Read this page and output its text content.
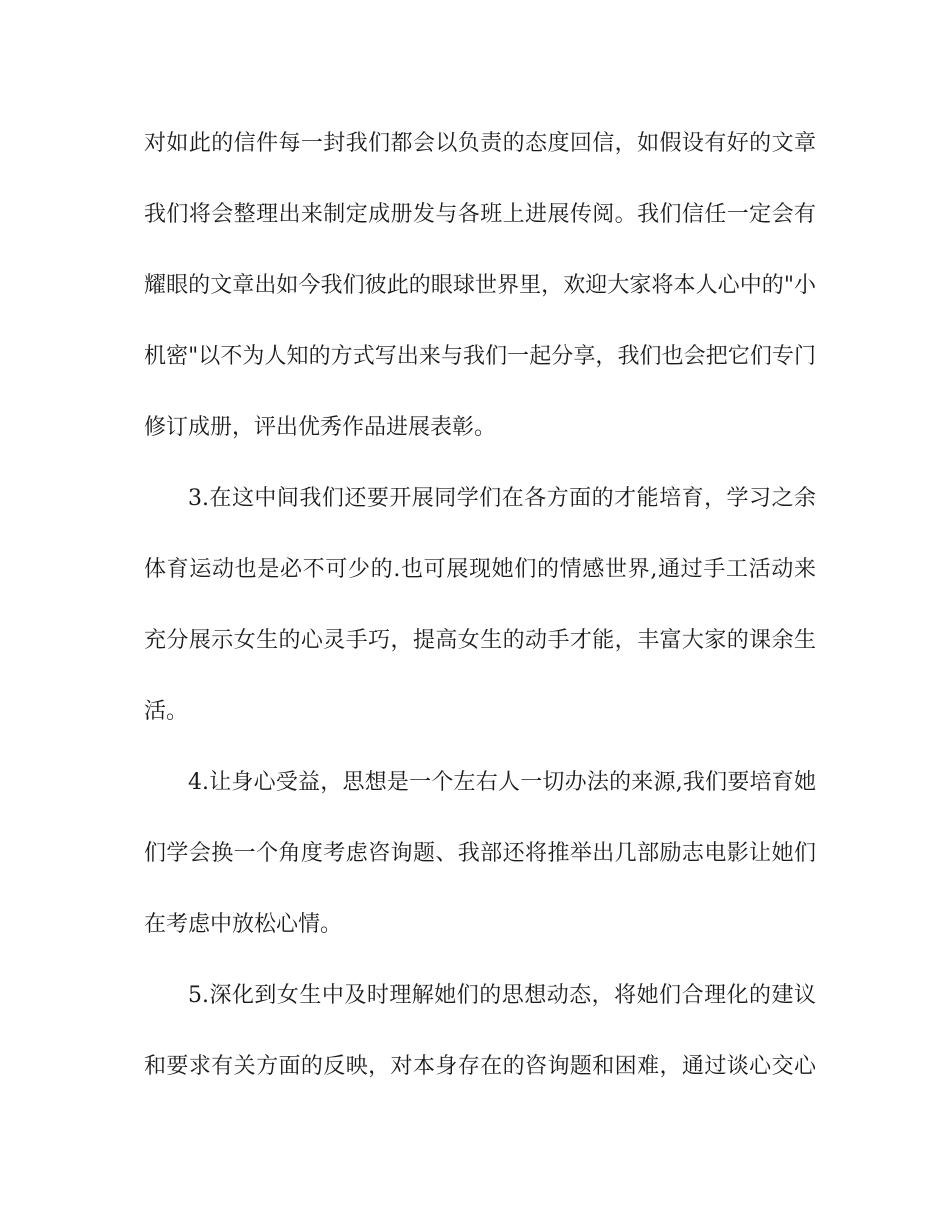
对如此的信件每一封我们都会以负责的态度回信，如假设有好的文章
我们将会整理出来制定成册发与各班上进展传阅。我们信任一定会有
耀眼的文章出如今我们彼此的眼球世界里，欢迎大家将本人心中的"小
机密"以不为人知的方式写出来与我们一起分享，我们也会把它们专门
修订成册，评出优秀作品进展表彰。
3.在这中间我们还要开展同学们在各方面的才能培育，学习之余
体育运动也是必不可少的.也可展现她们的情感世界,通过手工活动来
充分展示女生的心灵手巧，提高女生的动手才能，丰富大家的课余生
活。
4.让身心受益，思想是一个左右人一切办法的来源,我们要培育她
们学会换一个角度考虑咨询题、我部还将推举出几部励志电影让她们
在考虑中放松心情。
5.深化到女生中及时理解她们的思想动态，将她们合理化的建议
和要求有关方面的反映，对本身存在的咨询题和困难，通过谈心交心
